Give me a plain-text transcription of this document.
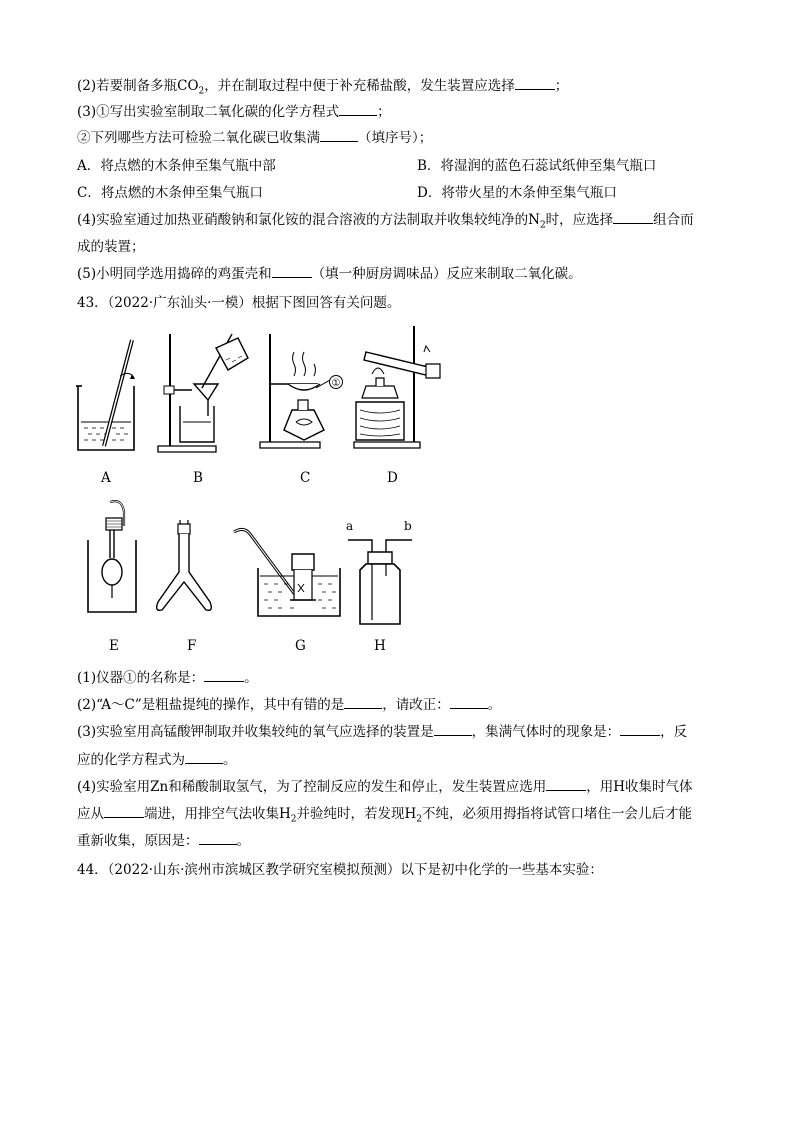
(2)若要制备多瓶$CO_2$，并在制取过程中便于补充稀盐酸，发生装置应选择	；
(3)①写出实验室制取二氧化碳的化学方程式	；
②下列哪些方法可检验二氧化碳已收集满	（填序号）；
A．将点燃的木条伸至集气瓶中部	B．将湿润的蓝色石蕊试纸伸至集气瓶口
C．将点燃的木条伸至集气瓶口	D．将带火星的木条伸至集气瓶口
(4)实验室通过加热亚硝酸钠和氯化铵的混合溶液的方法制取并收集较纯净的$N_2$时，应选择	组合而
成的装置；
(5)小明同学选用捣碎的鸡蛋壳和	（填一种厨房调味品）反应来制取二氧化碳。
43．（2022·广东汕头·一模）根据下图回答有关问题。
A	B
①
C	D
E	F	G
a	b
H
(1)仪器①的名称是：	。
(2)“A～C”是粗盐提纯的操作，其中有错的是	，请改正：	。
(3)实验室用高锰酸钾制取并收集较纯的氧气应选择的装置是	，集满气体时的现象是：	，反
应的化学方程式为	。
(4)实验室用Zn和稀酸制取氢气，为了控制反应的发生和停止，发生装置应选用	，用H收集时气体
应从	端进，用排空气法收集$H_2$并验纯时，若发现$H_2$不纯，必须用拇指将试管口堵住一会儿后才能
重新收集，原因是：	。
44．（2022·山东·滨州市滨城区教学研究室模拟预测）以下是初中化学的一些基本实验：
